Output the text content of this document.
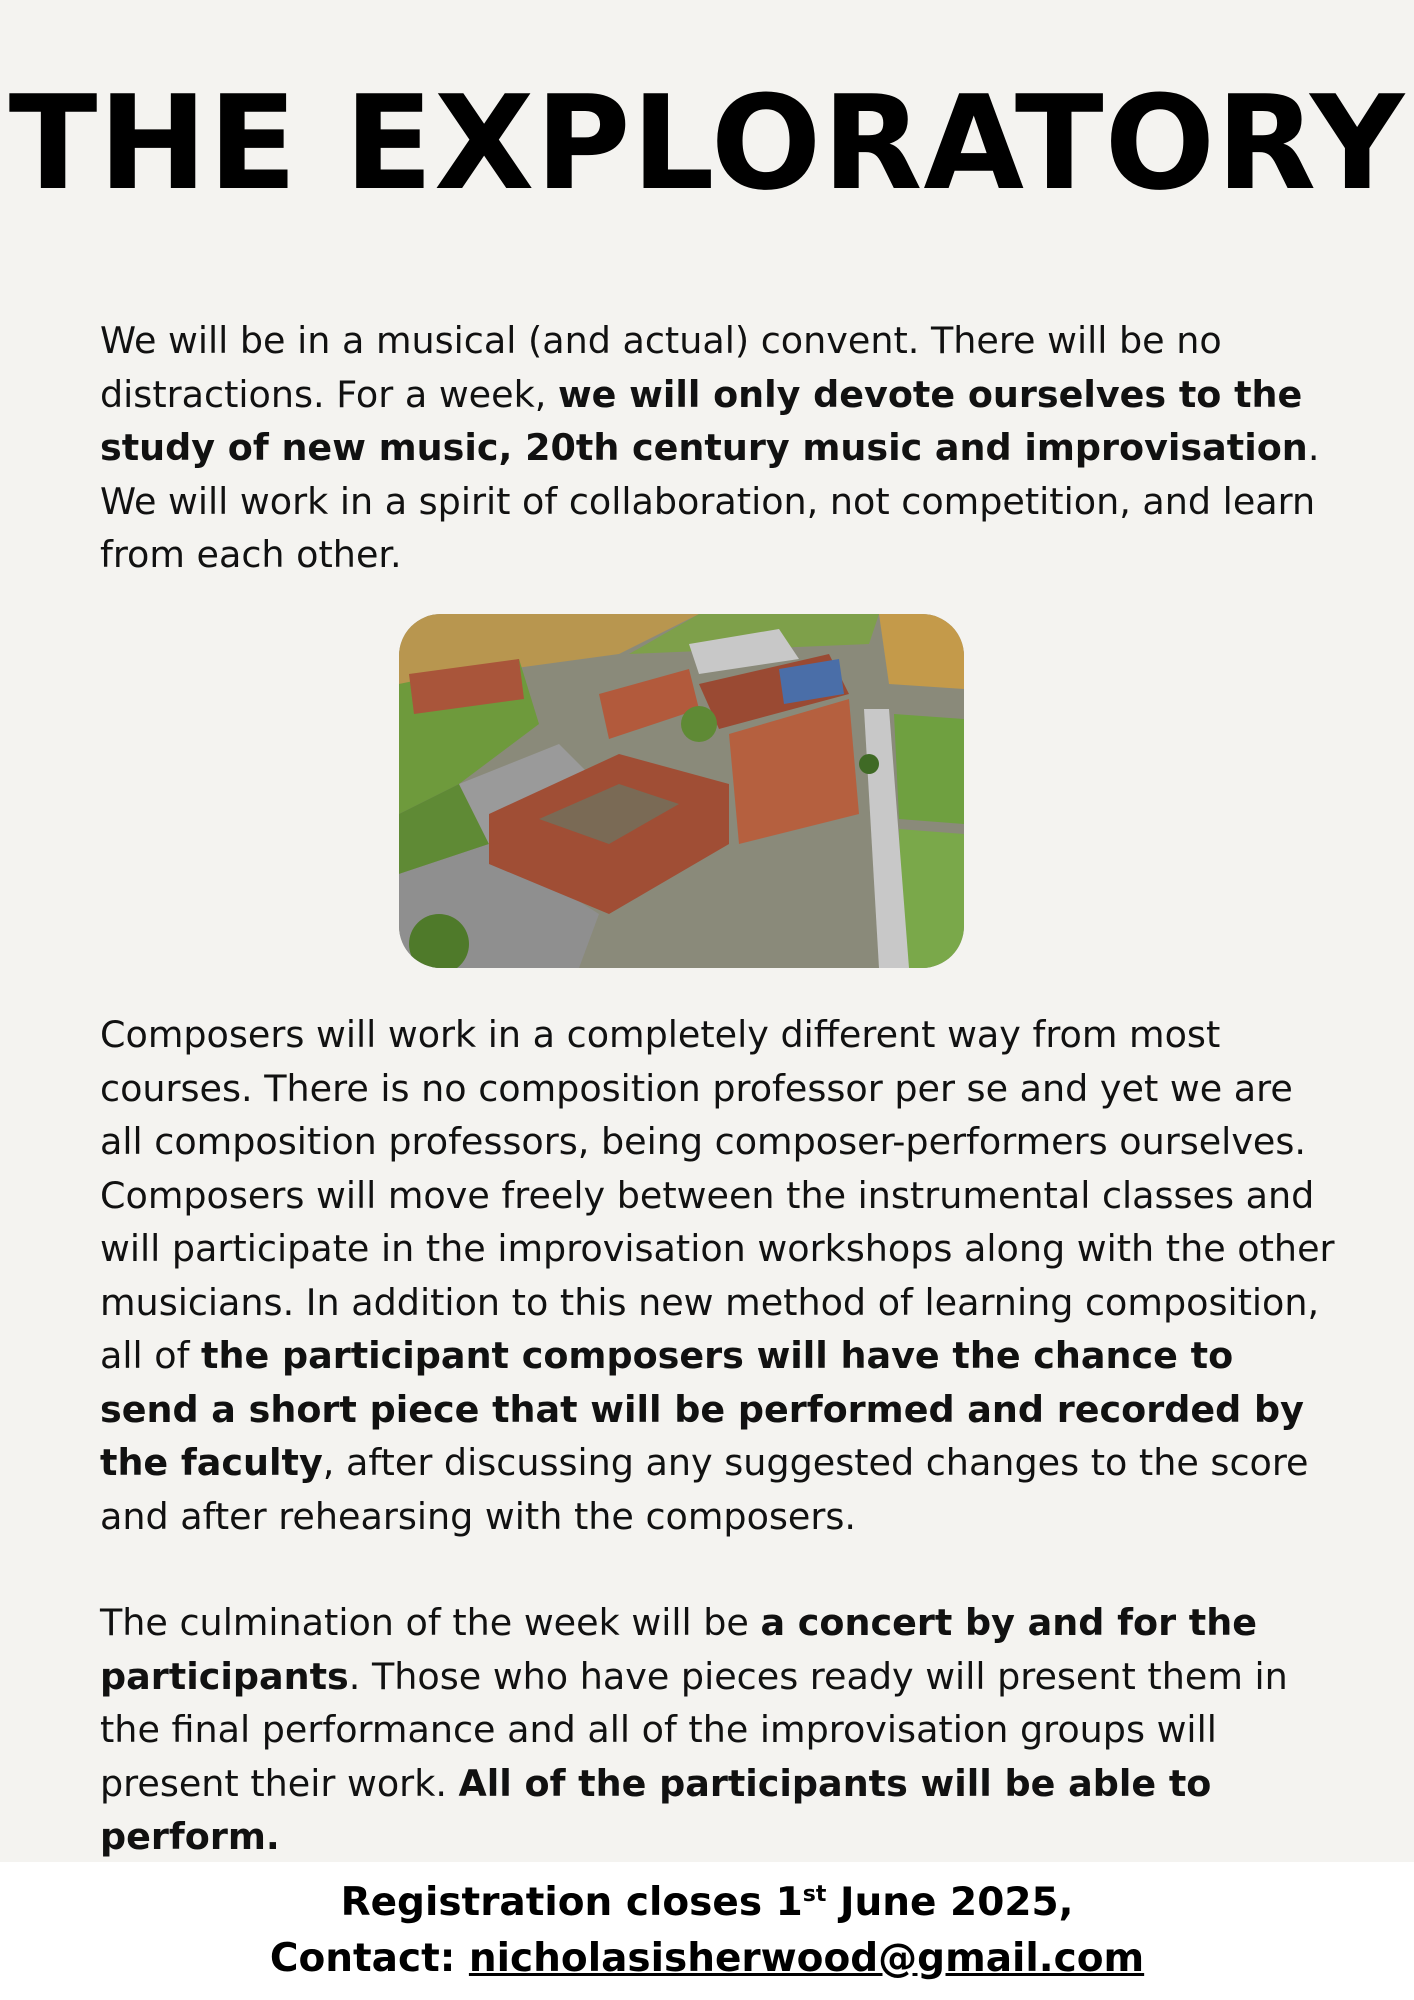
THE EXPLORATORY

We will be in a musical (and actual) convent. There will be no distractions. For a week, we will only devote ourselves to the study of new music, 20th century music and improvisation. We will work in a spirit of collaboration, not competition, and learn from each other.

Composers will work in a completely different way from most courses. There is no composition professor per se and yet we are all composition professors, being composer-performers ourselves. Composers will move freely between the instrumental classes and will participate in the improvisation workshops along with the other musicians. In addition to this new method of learning composition, all of the participant composers will have the chance to send a short piece that will be performed and recorded by the faculty, after discussing any suggested changes to the score and after rehearsing with the composers.

The culmination of the week will be a concert by and for the participants. Those who have pieces ready will present them in the final performance and all of the improvisation groups will present their work. All of the participants will be able to perform.

Registration closes 1st June 2025,
Contact: nicholasisherwood@gmail.com
